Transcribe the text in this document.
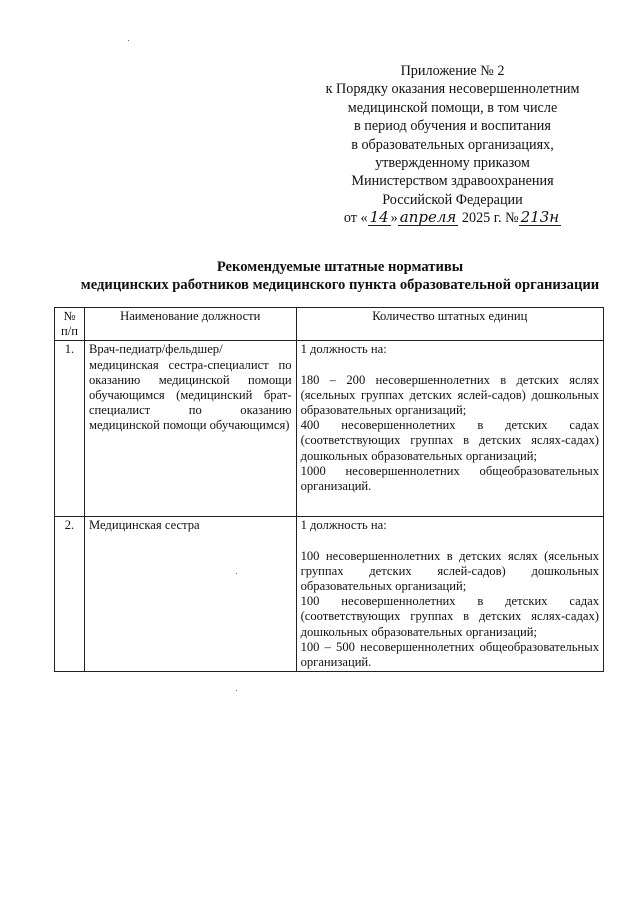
Приложение № 2
к Порядку оказания несовершеннолетним
медицинской помощи, в том числе
в период обучения и воспитания
в образовательных организациях,
утвержденному приказом
Министерством здравоохранения
Российской Федерации
от « 14 » апреля 2025 г. № 213н
Рекомендуемые штатные нормативы
медицинских работников медицинского пункта образовательной организации
№
п/п	Наименование должности	Количество штатных единиц
1.	Врач-педиатр/фельдшер/ медицинская сестра-специалист по оказанию медицинской помощи обучающимся (медицинский брат-специалист по оказанию медицинской помощи обучающимся)	1 должность на:
180 – 200 несовершеннолетних в детских яслях (ясельных группах детских яслей-садов) дошкольных образовательных организаций;
400 несовершеннолетних в детских садах (соответствующих группах в детских яслях-садах) дошкольных образовательных организаций;
1000 несовершеннолетних общеобразовательных организаций.

2.	Медицинская сестра	1 должность на:
100 несовершеннолетних в детских яслях (ясельных группах детских яслей-садов) дошкольных образовательных организаций;
100 несовершеннолетних в детских садах (соответствующих группах в детских яслях-садах) дошкольных образовательных организаций;
100 – 500 несовершеннолетних общеобразовательных организаций.
